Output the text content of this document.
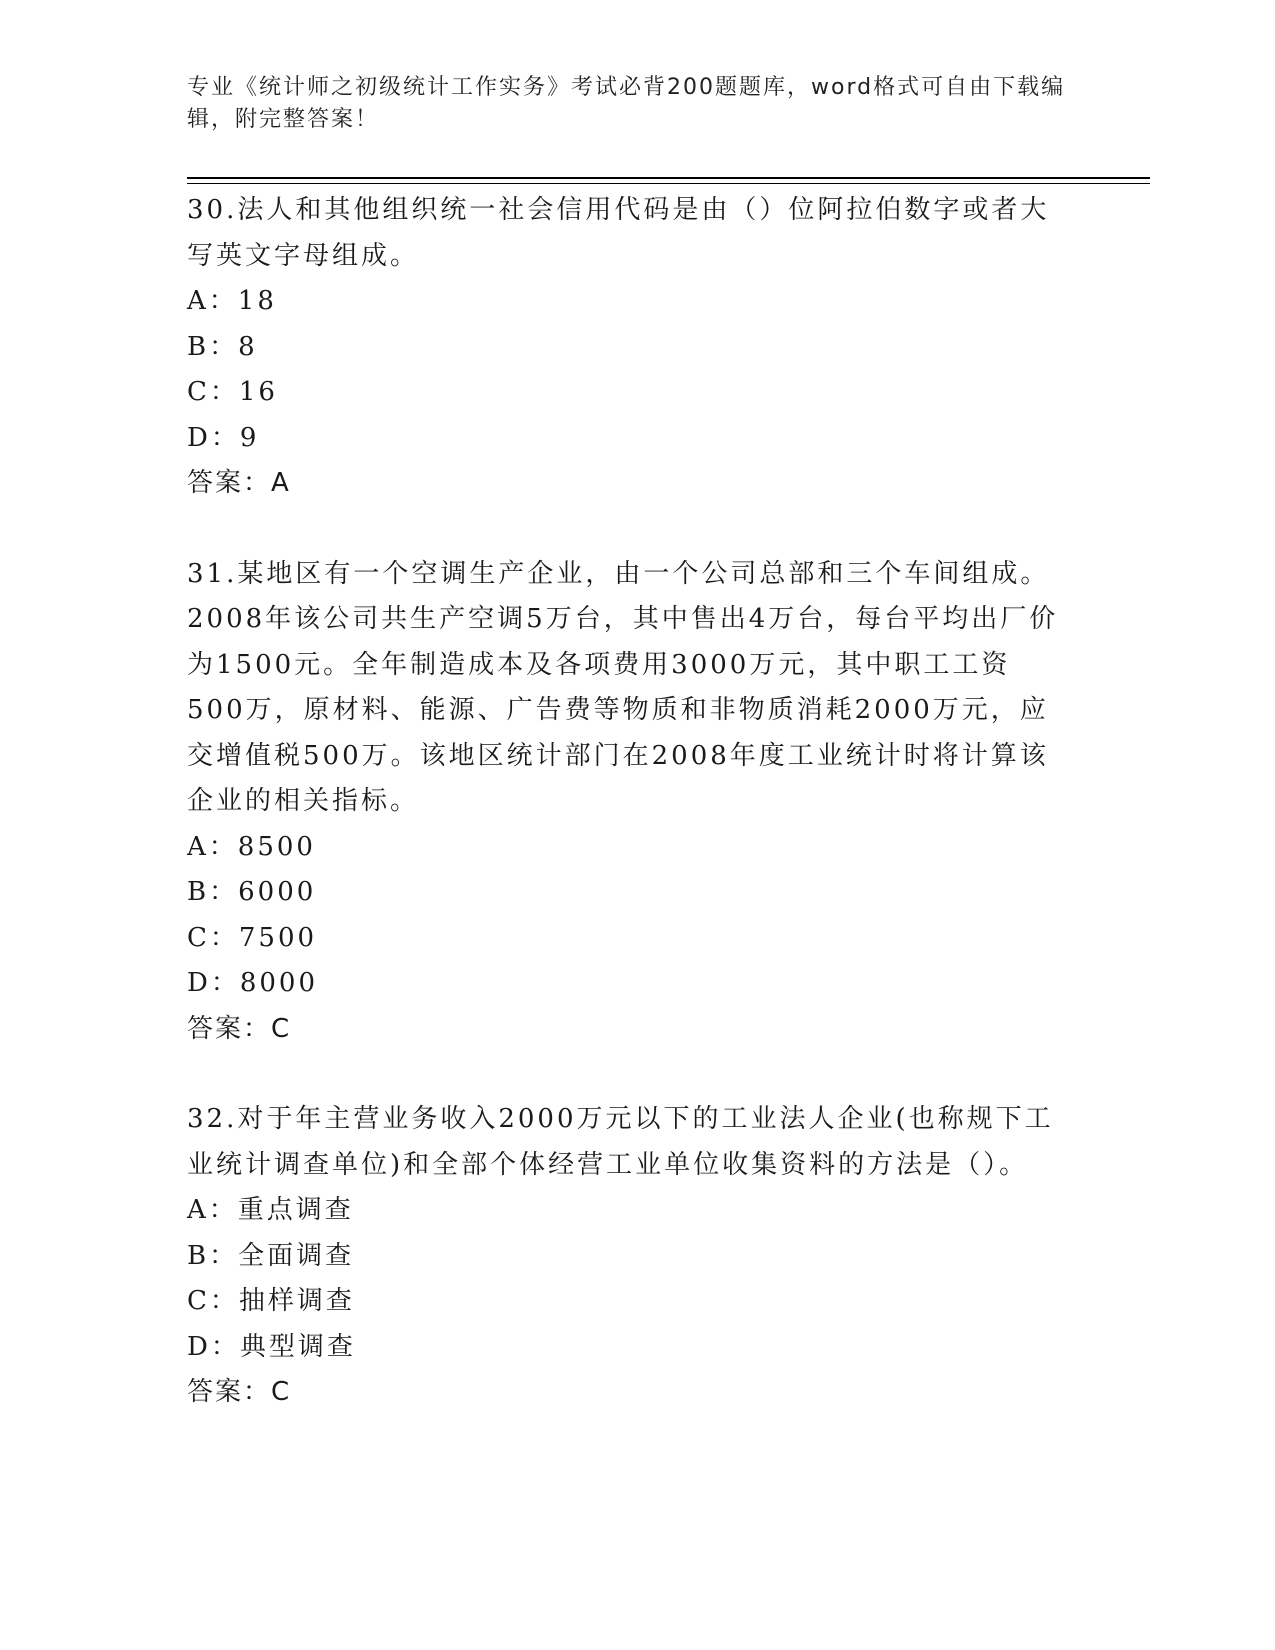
专业《统计师之初级统计工作实务》考试必背200题题库，word格式可自由下载编辑，附完整答案！

30.法人和其他组织统一社会信用代码是由（）位阿拉伯数字或者大写英文字母组成。

A：18

B：8

C：16

D：9

答案：A

31.某地区有一个空调生产企业，由一个公司总部和三个车间组成。2008年该公司共生产空调5万台，其中售出4万台，每台平均出厂价为1500元。全年制造成本及各项费用3000万元，其中职工工资500万，原材料、能源、广告费等物质和非物质消耗2000万元，应交增值税500万。该地区统计部门在2008年度工业统计时将计算该企业的相关指标。

A：8500

B：6000

C：7500

D：8000

答案：C

32.对于年主营业务收入2000万元以下的工业法人企业(也称规下工业统计调查单位)和全部个体经营工业单位收集资料的方法是（）。

A：重点调查

B：全面调查

C：抽样调查

D：典型调查

答案：C
